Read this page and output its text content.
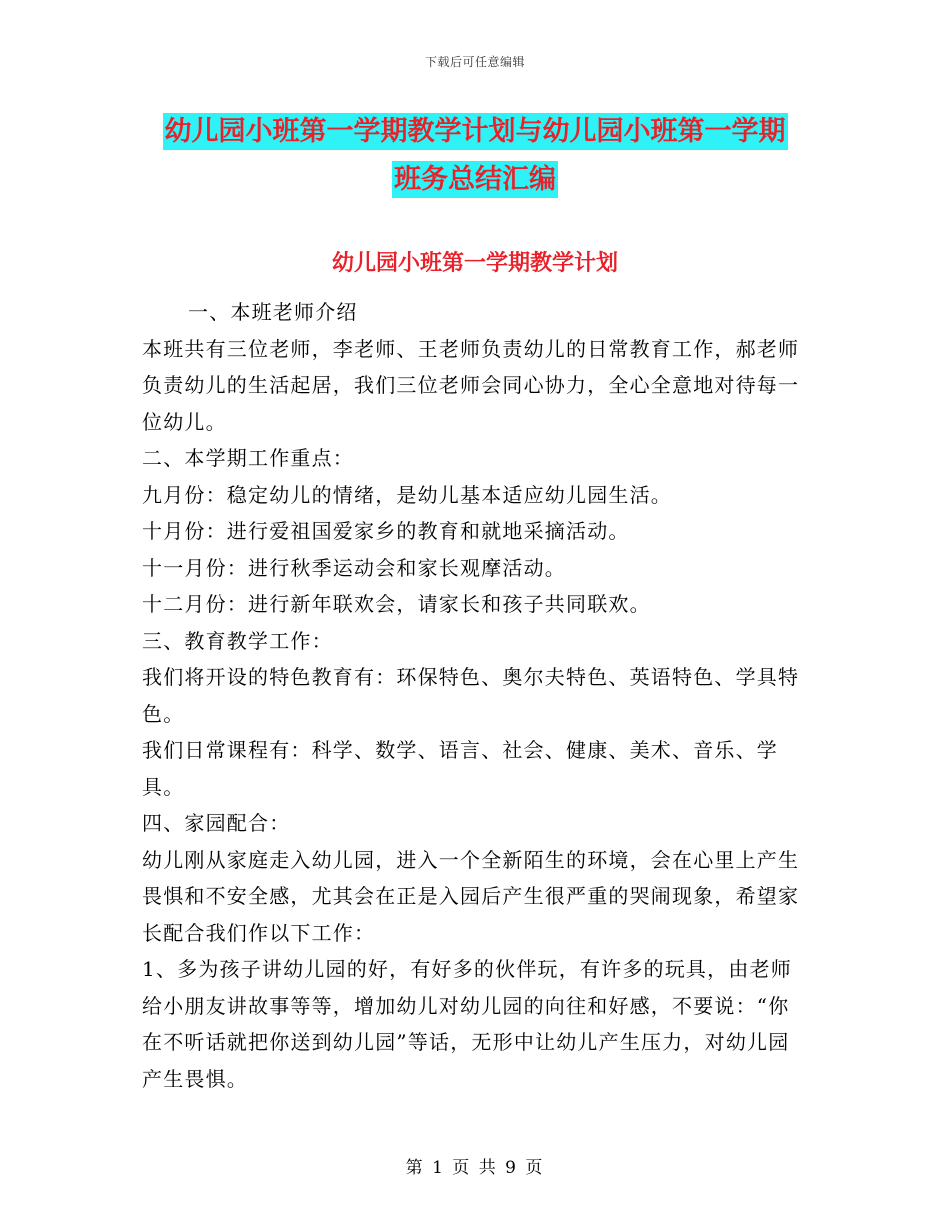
下载后可任意编辑
幼儿园小班第一学期教学计划与幼儿园小班第一学期
班务总结汇编
幼儿园小班第一学期教学计划

一、本班老师介绍

本班共有三位老师，李老师、王老师负责幼儿的日常教育工作，郝老师负责幼儿的生活起居，我们三位老师会同心协力，全心全意地对待每一位幼儿。

二、本学期工作重点：

九月份：稳定幼儿的情绪，是幼儿基本适应幼儿园生活。

十月份：进行爱祖国爱家乡的教育和就地采摘活动。

十一月份：进行秋季运动会和家长观摩活动。

十二月份：进行新年联欢会，请家长和孩子共同联欢。

三、教育教学工作：

我们将开设的特色教育有：环保特色、奥尔夫特色、英语特色、学具特色。

我们日常课程有：科学、数学、语言、社会、健康、美术、音乐、学具。

四、家园配合：

幼儿刚从家庭走入幼儿园，进入一个全新陌生的环境，会在心里上产生畏惧和不安全感，尤其会在正是入园后产生很严重的哭闹现象，希望家长配合我们作以下工作：

1、多为孩子讲幼儿园的好，有好多的伙伴玩，有许多的玩具，由老师给小朋友讲故事等等，增加幼儿对幼儿园的向往和好感，不要说：“你在不听话就把你送到幼儿园”等话，无形中让幼儿产生压力，对幼儿园产生畏惧。

第 1 页 共 9 页
